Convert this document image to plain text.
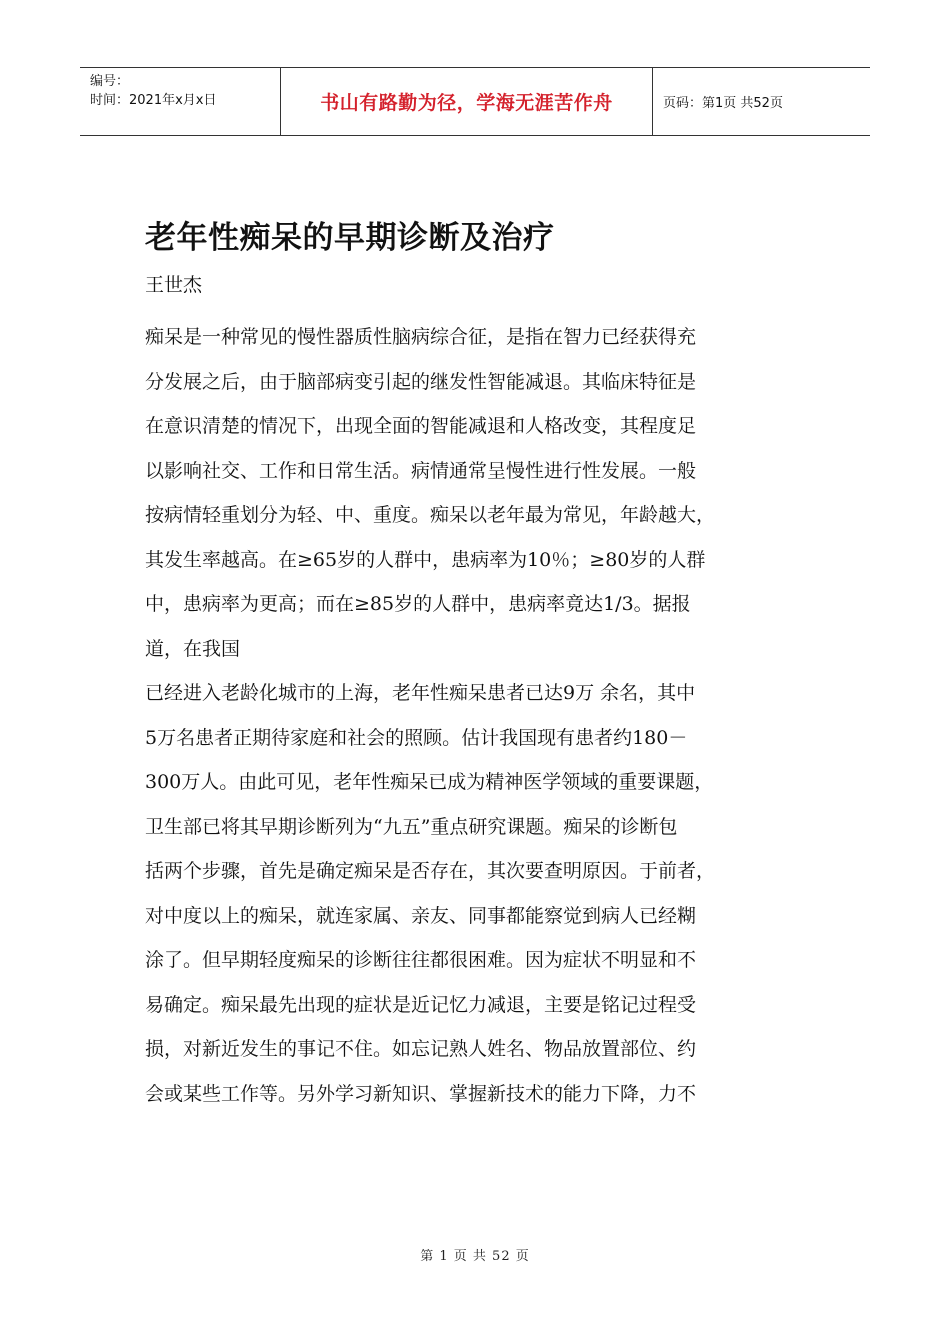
编号：
时间：2021年x月x日	书山有路勤为径，学海无涯苦作舟	页码：第1页 共52页
老年性痴呆的早期诊断及治疗
王世杰
痴呆是一种常见的慢性器质性脑病综合征，是指在智力已经获得充
分发展之后，由于脑部病变引起的继发性智能减退。其临床特征是
在意识清楚的情况下，出现全面的智能减退和人格改变，其程度足
以影响社交、工作和日常生活。病情通常呈慢性进行性发展。一般
按病情轻重划分为轻、中、重度。痴呆以老年最为常见，年龄越大，
其发生率越高。在≥65岁的人群中，患病率为10％；≥80岁的人群
中，患病率为更高；而在≥85岁的人群中，患病率竟达1/3。据报
道，在我国
已经进入老龄化城市的上海，老年性痴呆患者已达9万 余名，其中
5万名患者正期待家庭和社会的照顾。估计我国现有患者约180－
300万人。由此可见，老年性痴呆已成为精神医学领域的重要课题，
卫生部已将其早期诊断列为“九五”重点研究课题。痴呆的诊断包
括两个步骤，首先是确定痴呆是否存在，其次要查明原因。于前者，
对中度以上的痴呆，就连家属、亲友、同事都能察觉到病人已经糊
涂了。但早期轻度痴呆的诊断往往都很困难。因为症状不明显和不
易确定。痴呆最先出现的症状是近记忆力减退，主要是铭记过程受
损，对新近发生的事记不住。如忘记熟人姓名、物品放置部位、约
会或某些工作等。另外学习新知识、掌握新技术的能力下降，力不
第 1 页 共 52 页
